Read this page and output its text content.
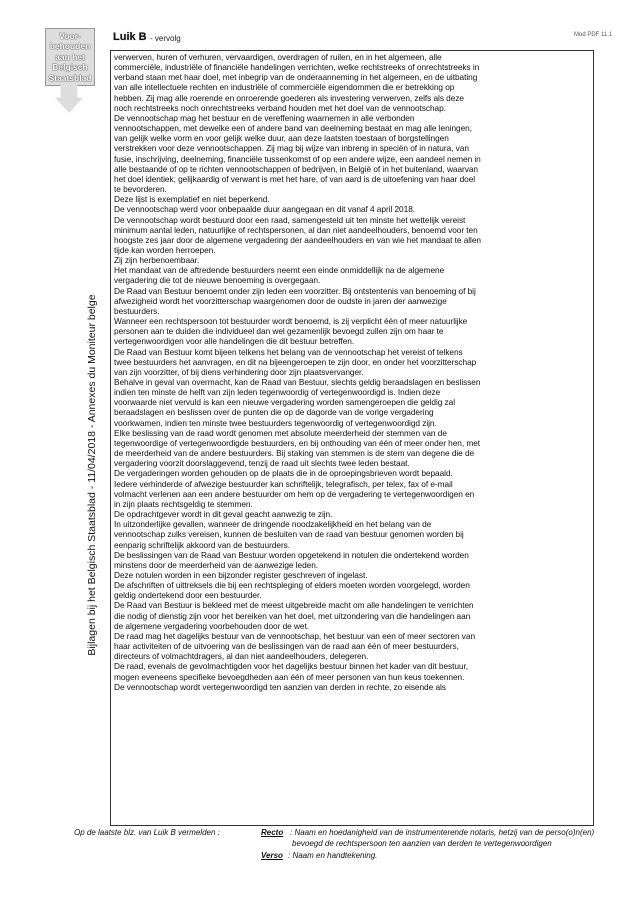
Mod PDF 11.1
Voor-
behouden
aan het
Belgisch
Staatsblad
Luik B - vervolg
Bijlagen bij het Belgisch Staatsblad - 11/04/2018 - Annexes du Moniteur belge
verwerven, huren of verhuren, vervaardigen, overdragen of ruilen, en in het algemeen, alle
commerciële, industriële of financiële handelingen verrichten, welke rechtstreeks of onrechtstreeks in
verband staan met haar doel, met inbegrip van de onderaanneming in het algemeen, en de uitbating
van alle intellectuele rechten en industriële of commerciële eigendommen die er betrekking op
hebben. Zij mag alle roerende en onroerende goederen als investering verwerven, zelfs als deze
noch rechtstreeks noch onrechtstreeks verband houden met het doel van de vennootschap.
De vennootschap mag het bestuur en de vereffening waarnemen in alle verbonden
vennootschappen, met dewelke een of andere band van deelneming bestaat en mag alle leningen,
van gelijk welke vorm en voor gelijk welke duur, aan deze laatsten toestaan of borgstellingen
verstrekken voor deze vennootschappen. Zij mag bij wijze van inbreng in speciën of in natura, van
fusie, inschrijving, deelneming, financiële tussenkomst of op een andere wijze, een aandeel nemen in
alle bestaande of op te richten vennootschappen of bedrijven, in België of in het buitenland, waarvan
het doel identiek, gelijkaardig of verwant is met het hare, of van aard is de uitoefening van haar doel
te bevorderen.
Deze lijst is exemplatief en niet beperkend.
De vennootschap werd voor onbepaalde duur aangegaan en dit vanaf 4 april 2018.
De vennootschap wordt bestuurd door een raad, samengesteld uit ten minste het wettelijk vereist
minimum aantal leden, natuurlijke of rechtspersonen, al dan niet aandeelhouders, benoemd voor ten
hoogste zes jaar door de algemene vergadering der aandeelhouders en van wie het mandaat te allen
tijde kan worden herroepen.
Zij zijn herbenoembaar.
Het mandaat van de aftredende bestuurders neemt een einde onmiddellijk na de algemene
vergadering die tot de nieuwe benoeming is overgegaan.
De Raad van Bestuur benoemt onder zijn leden een voorzitter. Bij ontstentenis van benoeming of bij
afwezigheid wordt het voorzitterschap waargenomen door de oudste in jaren der aanwezige
bestuurders.
Wanneer een rechtspersoon tot bestuurder wordt benoemd, is zij verplicht één of meer natuurlijke
personen aan te duiden die individueel dan wel gezamenlijk bevoegd zullen zijn om haar te
vertegenwoordigen voor alle handelingen die dit bestuur betreffen.
De Raad van Bestuur komt bijeen telkens het belang van de vennootschap het vereist of telkens
twee bestuurders het aanvragen, en dit na bijeengeroepen te zijn door, en onder het voorzitterschap
van zijn voorzitter, of bij diens verhindering door zijn plaatsvervanger.
Behalve in geval van overmacht, kan de Raad van Bestuur, slechts geldig beraadslagen en beslissen
indien ten minste de helft van zijn leden tegenwoordig of vertegenwoordigd is. Indien deze
voorwaarde niet vervuld is kan een nieuwe vergadering worden samengeroepen die geldig zal
beraadslagen en beslissen over de punten die op de dagorde van de vorige vergadering
voorkwamen, indien ten minste twee bestuurders tegenwoordig of vertegenwoordigd zijn.
Elke beslissing van de raad wordt genomen met absolute meerderheid der stemmen van de
tegenwoordige of vertegenwoordigde bestuurders, en bij onthouding van één of meer onder hen, met
de meerderheid van de andere bestuurders. Bij staking van stemmen is de stem van degene die de
vergadering voorzit doorslaggevend, tenzij de raad uit slechts twee leden bestaat.
De vergaderingen worden gehouden op de plaats die in de oproepingsbrieven wordt bepaald.
Iedere verhinderde of afwezige bestuurder kan schriftelijk, telegrafisch, per telex, fax of e-mail
volmacht verlenen aan een andere bestuurder om hem op de vergadering te vertegenwoordigen en
in zijn plaats rechtsgeldig te stemmen.
De opdrachtgever wordt in dit geval geacht aanwezig te zijn.
In uitzonderlijke gevallen, wanneer de dringende noodzakelijkheid en het belang van de
vennootschap zulks vereisen, kunnen de besluiten van de raad van bestuur genomen worden bij
eenparig schriftelijk akkoord van de bestuurders.
De beslissingen van de Raad van Bestuur worden opgetekend in notulen die ondertekend worden
minstens door de meerderheid van de aanwezige leden.
Deze notulen worden in een bijzonder register geschreven of ingelast.
De afschriften of uittreksels die bij een rechtspleging of elders moeten worden voorgelegd, worden
geldig ondertekend door een bestuurder.
De Raad van Bestuur is bekleed met de meest uitgebreide macht om alle handelingen te verrichten
die nodig of dienstig zijn voor het bereiken van het doel, met uitzondering van die handelingen aan
de algemene vergadering voorbehouden door de wet.
De raad mag het dagelijks bestuur van de vennootschap, het bestuur van een of meer sectoren van
haar activiteiten of de uitvoering van de beslissingen van de raad aan één of meer bestuurders,
directeurs of volmachtdragers, al dan niet aandeelhouders, delegeren.
De raad, evenals de gevolmachtigden voor het dagelijks bestuur binnen het kader van dit bestuur,
mogen eveneens specifieke bevoegdheden aan één of meer personen van hun keus toekennen.
De vennootschap wordt vertegenwoordigd ten aanzien van derden in rechte, zo eisende als
Op de laatste blz. van Luik B vermelden :	Recto : Naam en hoedanigheid van de instrumenterende notaris, hetzij van de perso(o)n(en)
bevoegd de rechtspersoon ten aanzien van derden te vertegenwoordigen
Verso : Naam en handtekening.
